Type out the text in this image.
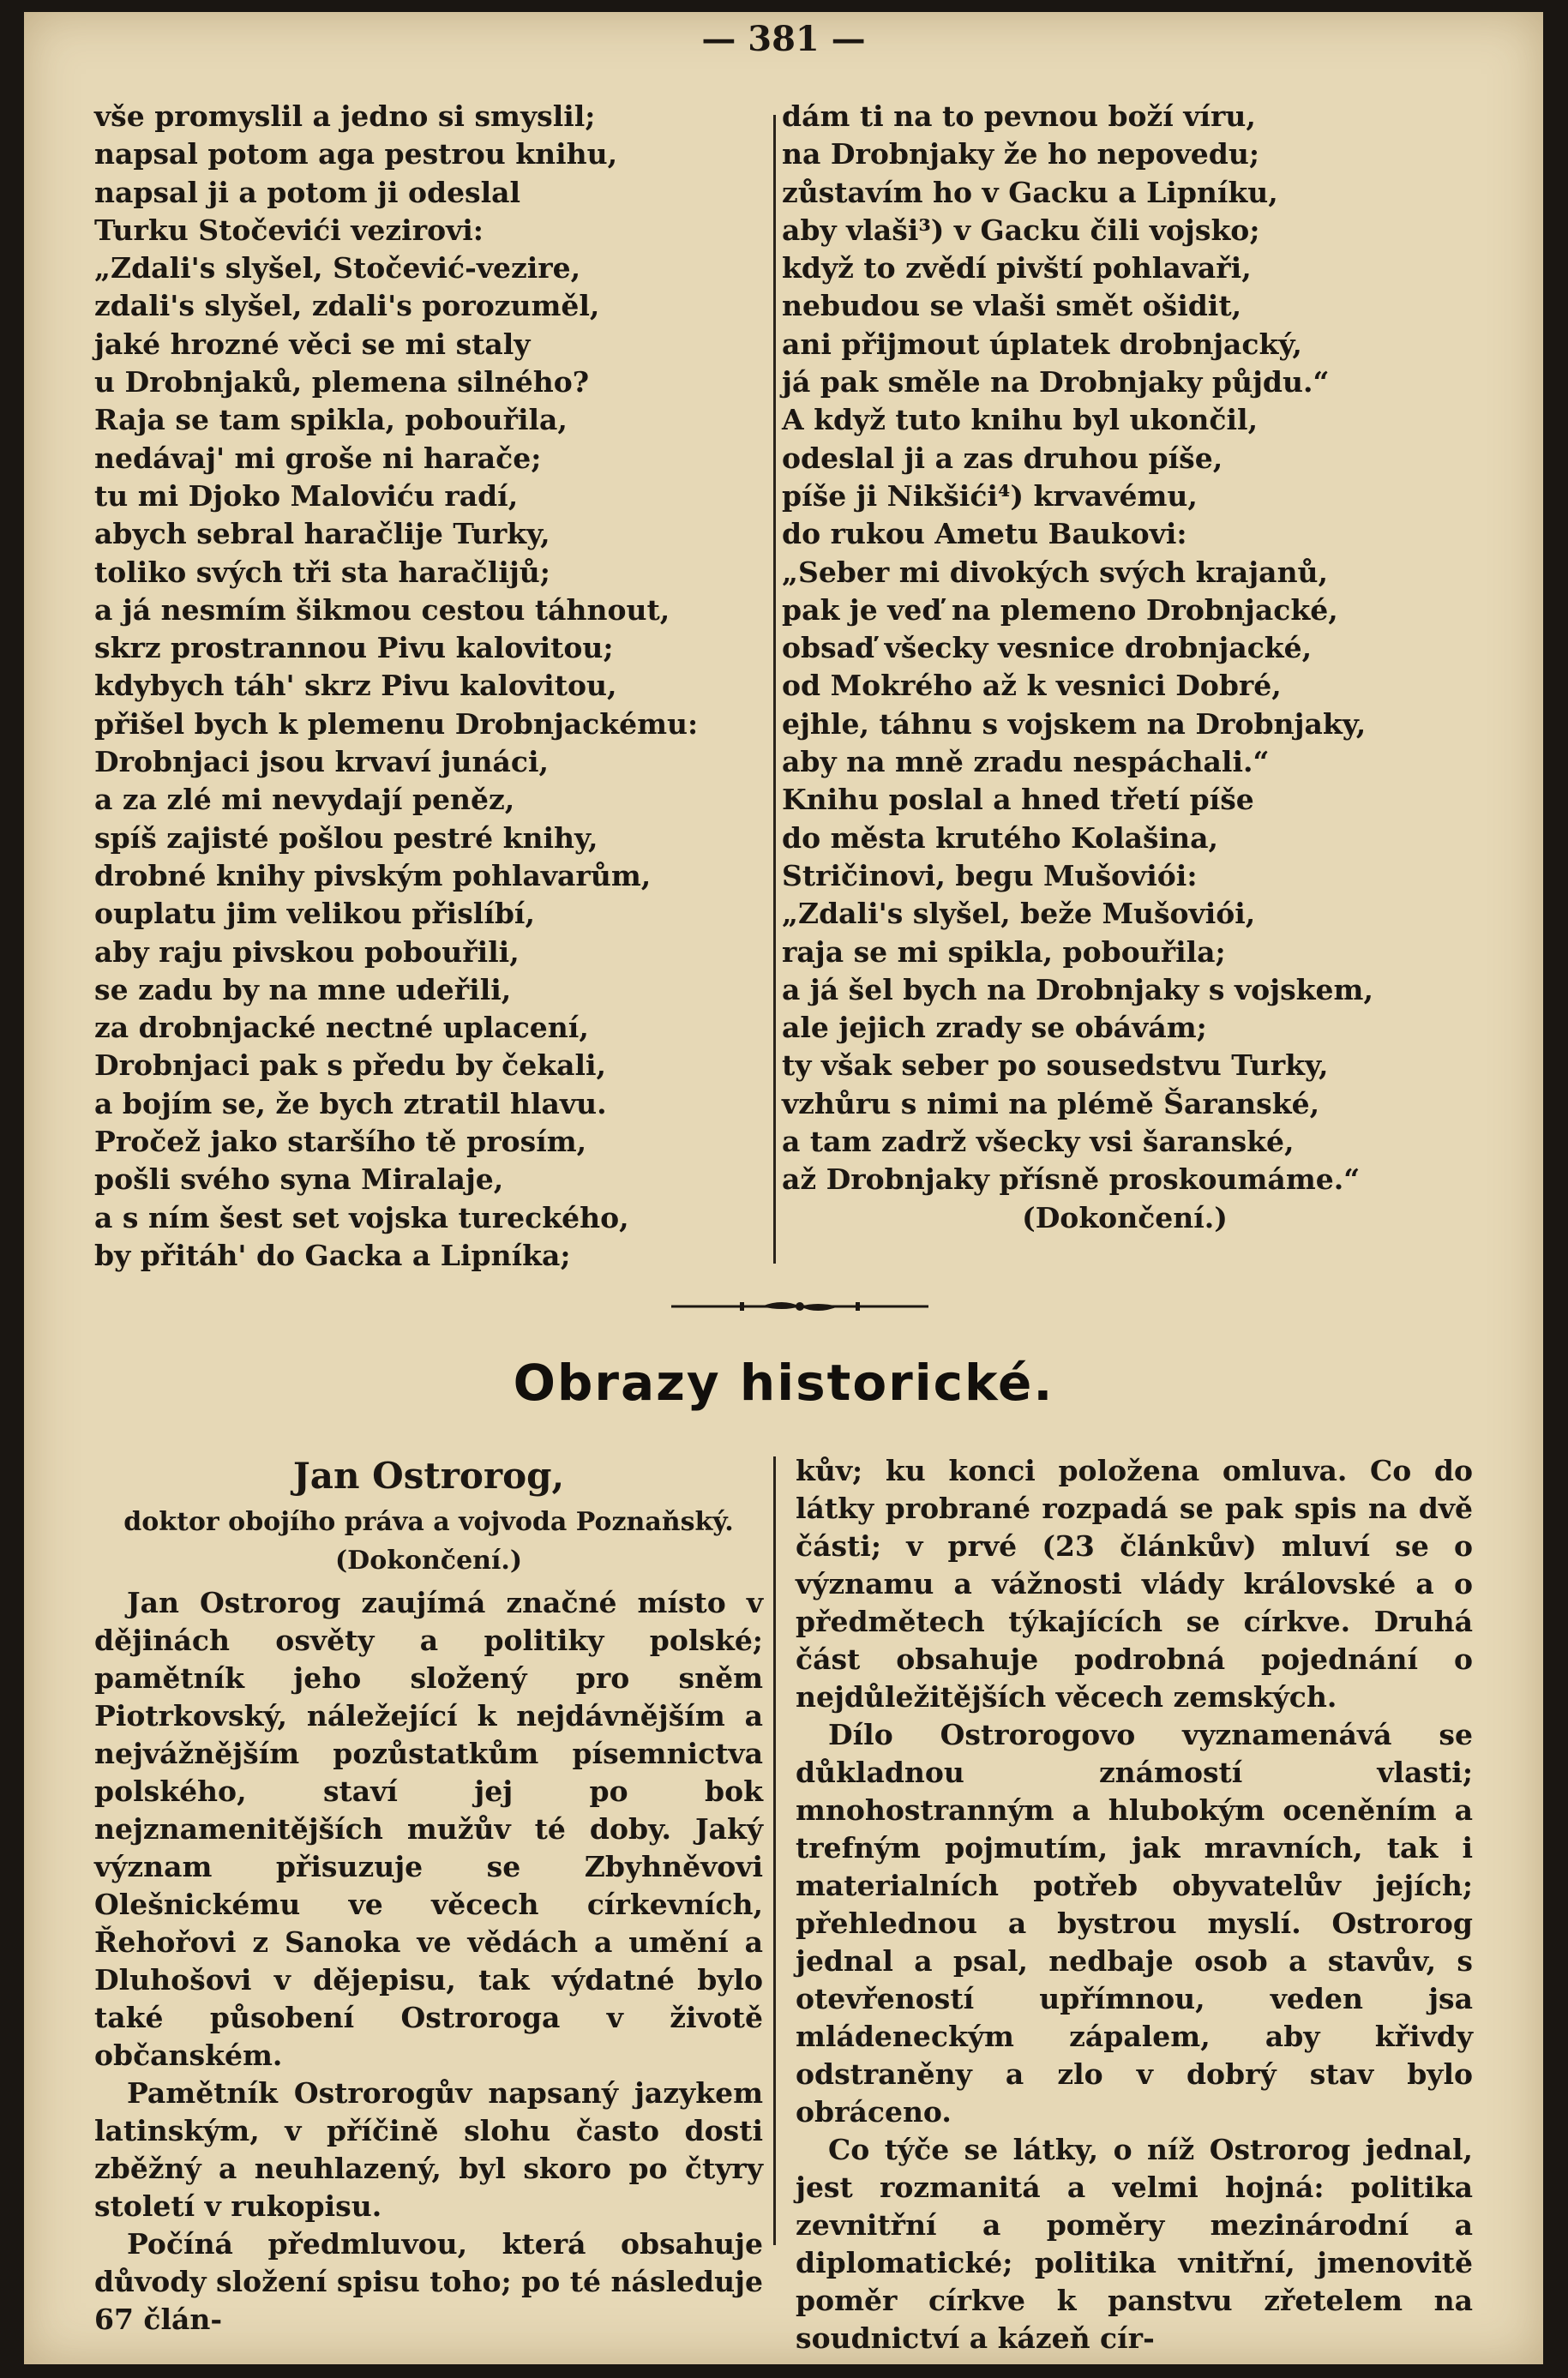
— 381 —

vše promyslil a jedno si smyslil;

napsal potom aga pestrou knihu,

napsal ji a potom ji odeslal

Turku Stočevići vezirovi:

„Zdali's slyšel, Stočević-vezire,

zdali's slyšel, zdali's porozuměl,

jaké hrozné věci se mi staly

u Drobnjaků, plemena silného?

Raja se tam spikla, pobouřila,

nedávaj' mi groše ni harače;

tu mi Djoko Maloviću radí,

abych sebral haračlije Turky,

toliko svých tři sta haračlijů;

a já nesmím šikmou cestou táhnout,

skrz prostrannou Pivu kalovitou;

kdybych táh' skrz Pivu kalovitou,

přišel bych k plemenu Drobnjackému:

Drobnjaci jsou krvaví junáci,

a za zlé mi nevydají peněz,

spíš zajisté pošlou pestré knihy,

drobné knihy pivským pohlavarům,

ouplatu jim velikou přislíbí,

aby raju pivskou pobouřili,

se zadu by na mne udeřili,

za drobnjacké nectné uplacení,

Drobnjaci pak s předu by čekali,

a bojím se, že bych ztratil hlavu.

Pročež jako staršího tě prosím,

pošli svého syna Miralaje,

a s ním šest set vojska tureckého,

by přitáh' do Gacka a Lipníka;

dám ti na to pevnou boží víru,

na Drobnjaky že ho nepovedu;

zůstavím ho v Gacku a Lipníku,

aby vlaši³) v Gacku čili vojsko;

když to zvědí pivští pohlavaři,

nebudou se vlaši smět ošidit,

ani přijmout úplatek drobnjacký,

já pak směle na Drobnjaky půjdu.“

A když tuto knihu byl ukončil,

odeslal ji a zas druhou píše,

píše ji Nikšići⁴) krvavému,

do rukou Ametu Baukovi:

„Seber mi divokých svých krajanů,

pak je veď na plemeno Drobnjacké,

obsaď všecky vesnice drobnjacké,

od Mokrého až k vesnici Dobré,

ejhle, táhnu s vojskem na Drobnjaky,

aby na mně zradu nespáchali.“

Knihu poslal a hned třetí píše

do města krutého Kolašina,

Stričinovi, begu Mušoviói:

„Zdali's slyšel, beže Mušoviói,

raja se mi spikla, pobouřila;

a já šel bych na Drobnjaky s vojskem,

ale jejich zrady se obávám;

ty však seber po sousedstvu Turky,

vzhůru s nimi na plémě Šaranské,

a tam zadrž všecky vsi šaranské,

až Drobnjaky přísně proskoumáme.“

(Dokončení.)

Obrazy historické.

Jan Ostrorog,

doktor obojího práva a vojvoda Poznaňský.

(Dokončení.)

Jan Ostrorog zaujímá značné místo v dějinách osvěty a politiky polské; pamětník jeho složený pro sněm Piotrkovský, náležející k nejdávnějším a nejvážnějším pozůstatkům písemnictva polského, staví jej po bok nejznamenitějších mužův té doby. Jaký význam přisuzuje se Zbyhněvovi Olešnickému ve věcech církevních, Řehořovi z Sanoka ve vědách a umění a Dluhošovi v dějepisu, tak výdatné bylo také působení Ostroroga v životě občanském.

Pamětník Ostrorogův napsaný jazykem latinským, v příčině slohu často dosti zběžný a neuhlazený, byl skoro po čtyry století v rukopisu.

Počíná předmluvou, která obsahuje důvody složení spisu toho; po té následuje 67 člán-

kův; ku konci položena omluva. Co do látky probrané rozpadá se pak spis na dvě části; v prvé (23 článkův) mluví se o významu a vážnosti vlády královské a o předmětech týkajících se církve. Druhá část obsahuje podrobná pojednání o nejdůležitějších věcech zemských.

Dílo Ostrorogovo vyznamenává se důkladnou známostí vlasti; mnohostranným a hlubokým oceněním a trefným pojmutím, jak mravních, tak i materialních potřeb obyvatelův jejích; přehlednou a bystrou myslí. Ostrorog jednal a psal, nedbaje osob a stavův, s otevřeností upřímnou, veden jsa mládeneckým zápalem, aby křivdy odstraněny a zlo v dobrý stav bylo obráceno.

Co týče se látky, o níž Ostrorog jednal, jest rozmanitá a velmi hojná: politika zevnitřní a poměry mezinárodní a diplomatické; politika vnitřní, jmenovitě poměr církve k panstvu zřetelem na soudnictví a kázeň cír-
